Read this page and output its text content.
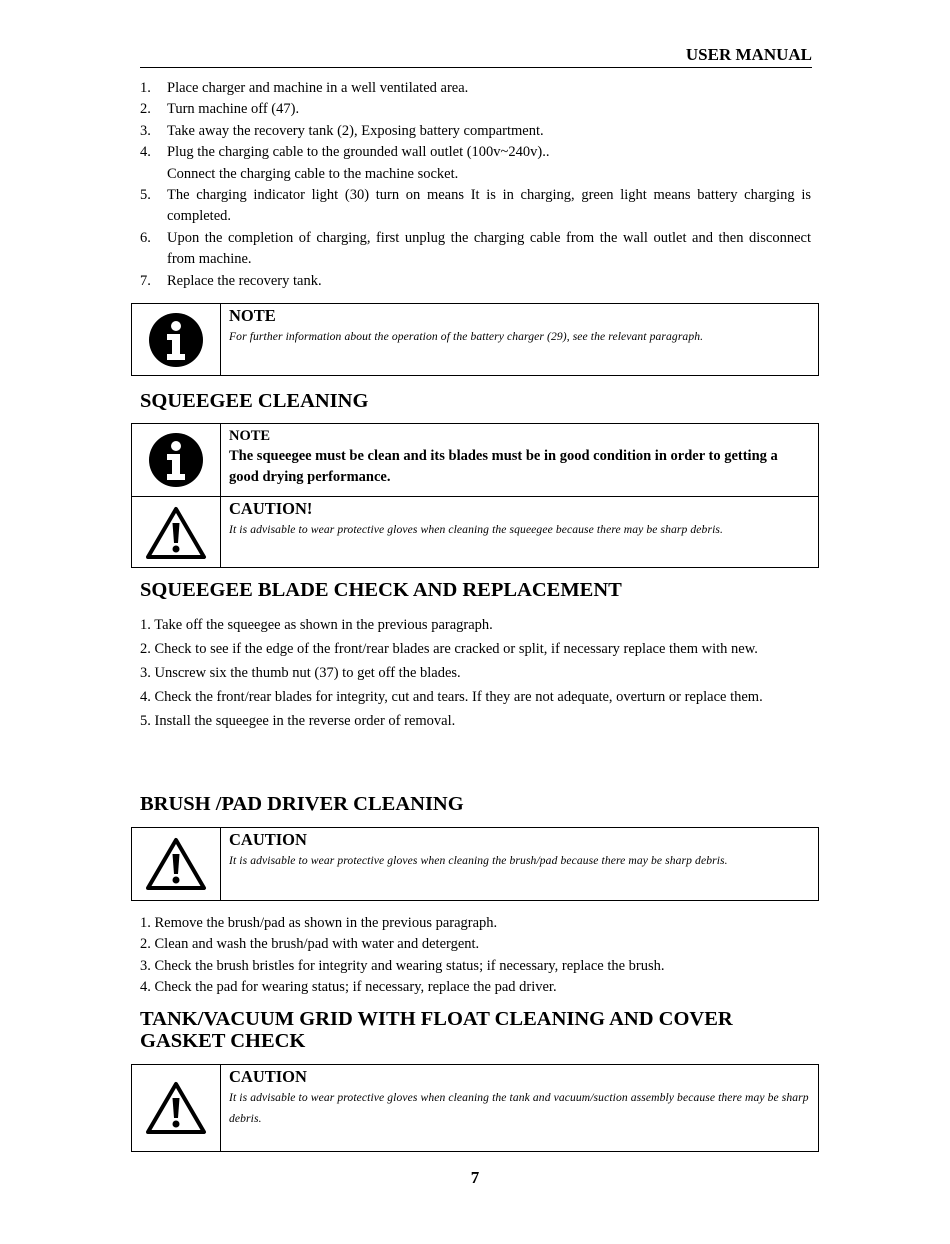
USER MANUAL
1.	Place charger and machine in a well ventilated area.
2.	Turn machine off (47).
3.	Take away the recovery tank (2), Exposing battery compartment.
4.	Plug the charging cable to the grounded wall outlet (100v~240v)..
Connect the charging cable to the machine socket.
5.	The charging indicator light (30) turn on means It is in charging, green light means battery charging is completed.
6.	Upon the completion of charging, first unplug the charging cable from the wall outlet and then disconnect from machine.
7.	Replace the recovery tank.
NOTE
For further information about the operation of the battery charger (29), see the relevant paragraph.
SQUEEGEE CLEANING
NOTE
The squeegee must be clean and its blades must be in good condition in order to getting a good drying performance.
CAUTION!
It is advisable to wear protective gloves when cleaning the squeegee because there may be sharp debris.
SQUEEGEE BLADE CHECK AND REPLACEMENT

1. Take off the squeegee as shown in the previous paragraph.

2. Check to see if the edge of the front/rear blades are cracked or split, if necessary replace them with new.

3. Unscrew six the thumb nut (37) to get off the blades.

4. Check the front/rear blades for integrity, cut and tears. If they are not adequate, overturn or replace them.

5. Install the squeegee in the reverse order of removal.

BRUSH /PAD DRIVER CLEANING
CAUTION
It is advisable to wear protective gloves when cleaning the brush/pad because there may be sharp debris.

1. Remove the brush/pad as shown in the previous paragraph.

2. Clean and wash the brush/pad with water and detergent.

3. Check the brush bristles for integrity and wearing status; if necessary, replace the brush.

4. Check the pad for wearing status; if necessary, replace the pad driver.

TANK/VACUUM GRID WITH FLOAT CLEANING AND COVER GASKET CHECK
CAUTION
It is advisable to wear protective gloves when cleaning the tank and vacuum/suction assembly because there may be sharp debris.
7
